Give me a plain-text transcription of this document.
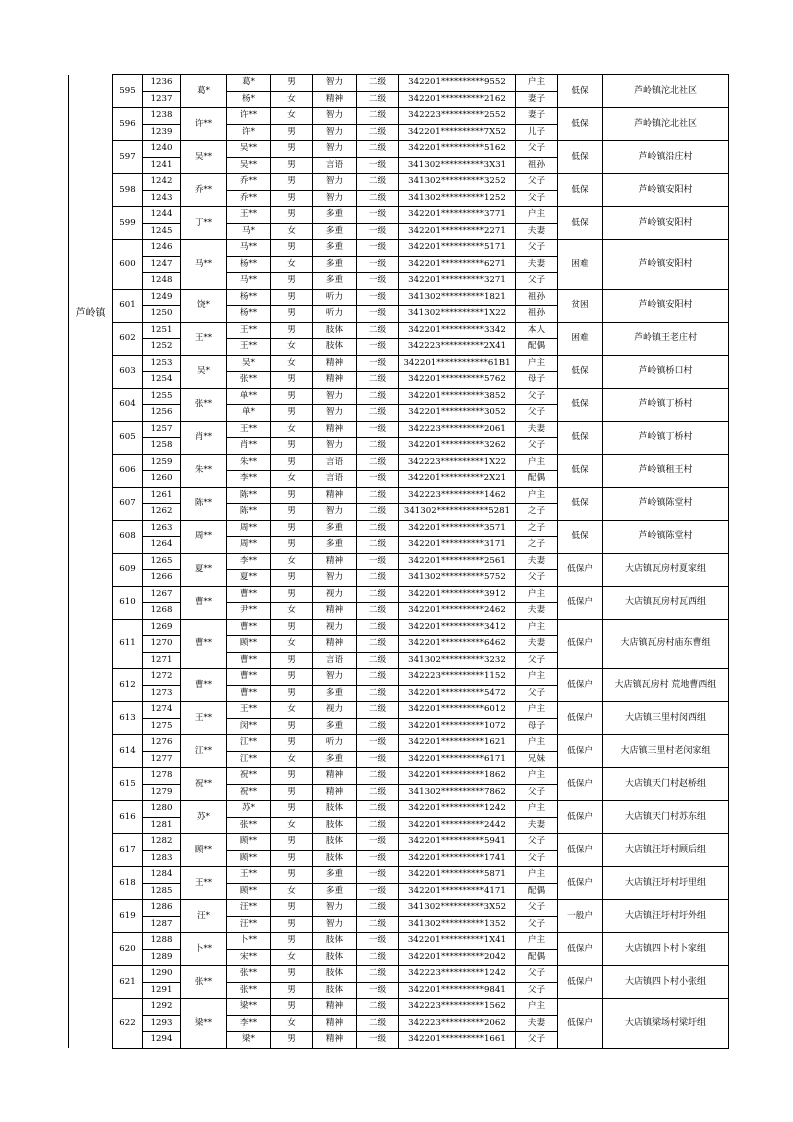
芦岭镇	595	1236	葛*	葛*	男	智力	二级	342201**********9552	户主	低保	芦岭镇沱北社区
		1237		杨*	女	精神	二级	342201**********2162	妻子		
	596	1238	许**	许**	女	智力	二级	342223**********2552	妻子	低保	芦岭镇沱北社区
		1239		许*	男	智力	二级	342201**********7X52	儿子		
	597	1240	吴**	吴**	男	智力	二级	342201**********5162	父子	低保	芦岭镇沿庄村
		1241		吴**	男	言语	一级	341302**********3X31	祖孙		
	598	1242	乔**	乔**	男	智力	二级	341302**********3252	父子	低保	芦岭镇安阳村
		1243		乔**	男	智力	二级	341302**********1252	父子		
	599	1244	丁**	王**	男	多重	一级	342201**********3771	户主	低保	芦岭镇安阳村
		1245		马*	女	多重	一级	342201**********2271	夫妻		
	600	1246	马**	马**	男	多重	一级	342201**********5171	父子	困难	芦岭镇安阳村
		1247		杨**	女	多重	一级	342201**********6271	夫妻		
		1248		马**	男	多重	一级	342201**********3271	父子		
	601	1249	饶*	杨**	男	听力	一级	341302**********1821	祖孙	贫困	芦岭镇安阳村
		1250		杨**	男	听力	一级	341302**********1X22	祖孙		
	602	1251	王**	王**	男	肢体	二级	342201**********3342	本人	困难	芦岭镇王老庄村
		1252		王**	女	肢体	一级	342223**********2X41	配偶		
	603	1253	吴*	吴*	女	精神	一级	342201************61B1	户主	低保	芦岭镇桥口村
		1254		张**	男	精神	二级	342201**********5762	母子		
	604	1255	张**	单**	男	智力	二级	342201**********3852	父子	低保	芦岭镇丁桥村
		1256		单*	男	智力	二级	342201**********3052	父子		
	605	1257	肖**	王**	女	精神	一级	342223**********2061	夫妻	低保	芦岭镇丁桥村
		1258		肖**	男	智力	二级	342201**********3262	父子		
	606	1259	朱**	朱**	男	言语	二级	342223**********1X22	户主	低保	芦岭镇租王村
		1260		李**	女	言语	一级	342201**********2X21	配偶		
	607	1261	陈**	陈**	男	精神	二级	342223**********1462	户主	低保	芦岭镇陈堂村
		1262		陈**	男	智力	二级	341302************5281	之子		
	608	1263	周**	周**	男	多重	二级	342201**********3571	之子	低保	芦岭镇陈堂村
		1264		周**	男	多重	二级	342201**********3171	之子		
	609	1265	夏**	李**	女	精神	一级	342201**********2561	夫妻	低保户	大店镇瓦房村夏家组
		1266		夏**	男	智力	二级	341302**********5752	父子		
	610	1267	曹**	曹**	男	视力	二级	342201**********3912	户主	低保户	大店镇瓦房村瓦西组
		1268		尹**	女	精神	二级	342201**********2462	夫妻		
	611	1269	曹**	曹**	男	视力	二级	342201**********3412	户主	低保户	大店镇瓦房村庙东曹组
		1270		顾**	女	精神	二级	342201**********6462	夫妻		
		1271		曹**	男	言语	二级	341302**********3232	父子		
	612	1272	曹**	曹**	男	智力	二级	342223**********1152	户主	低保户	大店镇瓦房村 荒地曹西组
		1273		曹**	男	多重	二级	342201**********5472	父子		
	613	1274	王**	王**	女	视力	二级	342201**********6012	户主	低保户	大店镇三里村闵西组
		1275		闵**	男	多重	二级	342201**********1072	母子		
	614	1276	江**	江**	男	听力	一级	342201**********1621	户主	低保户	大店镇三里村老闵家组
		1277		江**	女	多重	一级	342201**********6171	兄妹		
	615	1278	祝**	祝**	男	精神	二级	342201**********1862	户主	低保户	大店镇天门村赵桥组
		1279		祝**	男	精神	二级	341302**********7862	父子		
	616	1280	苏*	苏*	男	肢体	二级	342201**********1242	户主	低保户	大店镇天门村苏东组
		1281		张**	女	肢体	二级	342201**********2442	夫妻		
	617	1282	顾**	顾**	男	肢体	一级	342201**********5941	父子	低保户	大店镇汪圩村顾后组
		1283		顾**	男	肢体	一级	342201**********1741	父子		
	618	1284	王**	王**	男	多重	一级	342201**********5871	户主	低保户	大店镇汪圩村圩里组
		1285		顾**	女	多重	一级	342201**********4171	配偶		
	619	1286	汪*	汪**	男	智力	二级	341302**********3X52	父子	一般户	大店镇汪圩村圩外组
		1287		汪**	男	智力	二级	341302**********1352	父子		
	620	1288	卜**	卜**	男	肢体	一级	342201**********1X41	户主	低保户	大店镇四卜村卜家组
		1289		宋**	女	肢体	二级	342201**********2042	配偶		
	621	1290	张**	张**	男	肢体	二级	342223**********1242	父子	低保户	大店镇四卜村小张组
		1291		张**	男	肢体	一级	342201**********9841	父子		
	622	1292	梁**	梁**	男	精神	二级	342223**********1562	户主	低保户	大店镇梁场村梁圩组
		1293		李**	女	精神	二级	342223**********2062	夫妻		
		1294		梁*	男	精神	一级	342201**********1661	父子		
